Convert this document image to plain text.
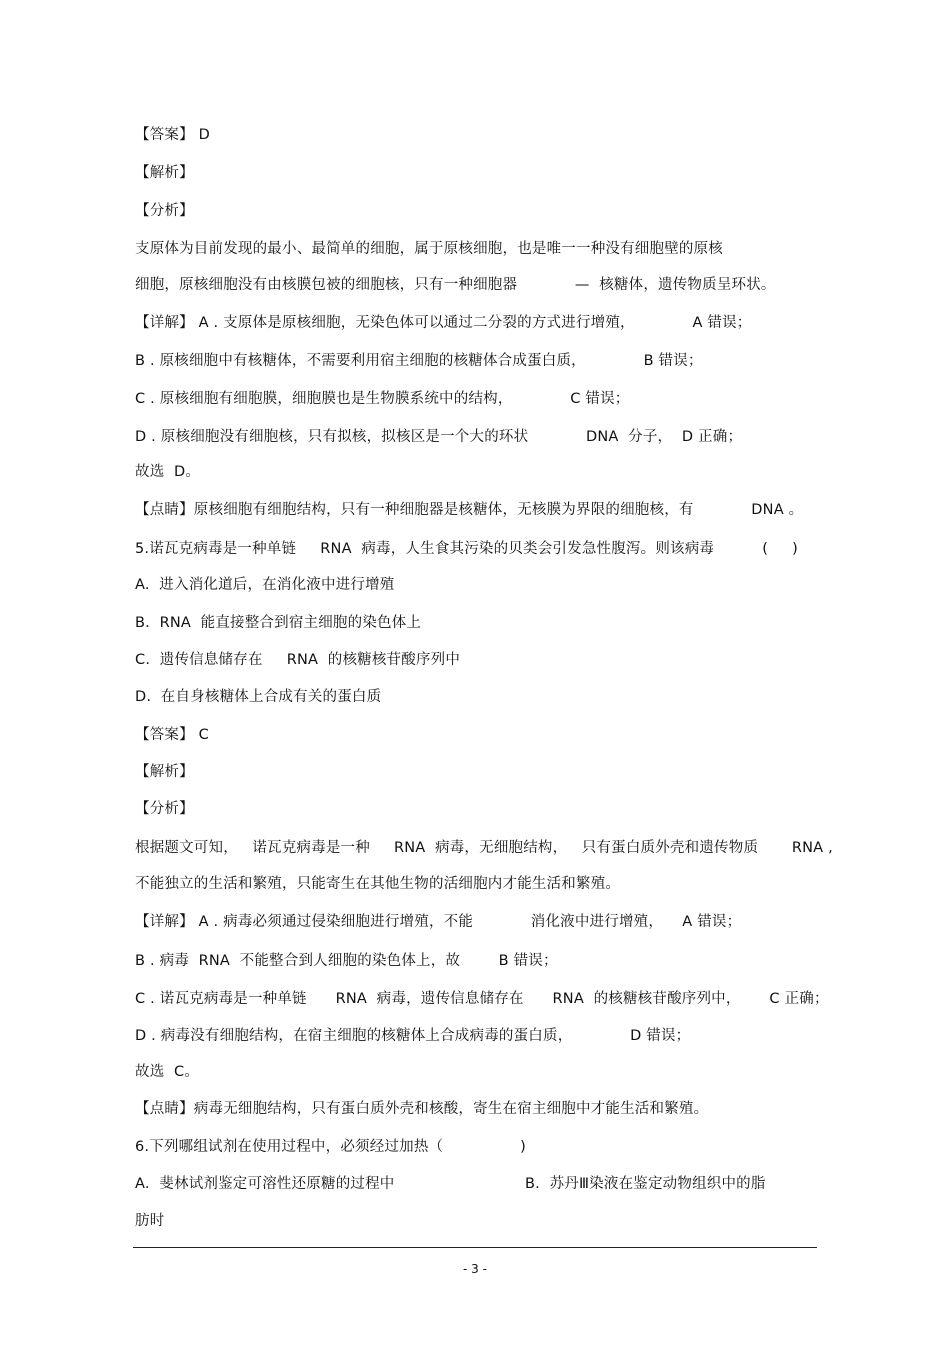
【答案】 D
【解析】
【分析】
支原体为目前发现的最小、最简单的细胞，属于原核细胞，也是唯一一种没有细胞壁的原核
细胞，原核细胞没有由核膜包被的细胞核，只有一种细胞器            —  核糖体，遗传物质呈环状。
【详解】 A . 支原体是原核细胞，无染色体可以通过二分裂的方式进行增殖，            A 错误；
B . 原核细胞中有核糖体，不需要利用宿主细胞的核糖体合成蛋白质，            B 错误；
C . 原核细胞有细胞膜，细胞膜也是生物膜系统中的结构，            C 错误；
D . 原核细胞没有细胞核，只有拟核，拟核区是一个大的环状            DNA  分子，  D 正确；
故选  D。
【点睛】原核细胞有细胞结构，只有一种细胞器是核糖体，无核膜为界限的细胞核，有            DNA 。
5.诺瓦克病毒是一种单链     RNA  病毒，人生食其污染的贝类会引发急性腹泻。则该病毒          (     )
A.  进入消化道后，在消化液中进行增殖
B.  RNA  能直接整合到宿主细胞的染色体上
C.  遗传信息储存在     RNA  的核糖核苷酸序列中
D.  在自身核糖体上合成有关的蛋白质
【答案】 C
【解析】
【分析】
根据题文可知，   诺瓦克病毒是一种     RNA  病毒，无细胞结构，   只有蛋白质外壳和遗传物质       RNA ,
不能独立的生活和繁殖，只能寄生在其他生物的活细胞内才能生活和繁殖。
【详解】 A . 病毒必须通过侵染细胞进行增殖，不能            消化液中进行增殖，    A 错误；
B . 病毒  RNA  不能整合到人细胞的染色体上，故        B 错误；
C . 诺瓦克病毒是一种单链      RNA  病毒，遗传信息储存在      RNA  的核糖核苷酸序列中，      C 正确；
D . 病毒没有细胞结构，在宿主细胞的核糖体上合成病毒的蛋白质，            D 错误；
故选  C。
【点睛】病毒无细胞结构，只有蛋白质外壳和核酸，寄生在宿主细胞中才能生活和繁殖。
6.下列哪组试剂在使用过程中，必须经过加热（                )
A.  斐林试剂鉴定可溶性还原糖的过程中	B.  苏丹Ⅲ染液在鉴定动物组织中的脂
肪时
- 3 -
